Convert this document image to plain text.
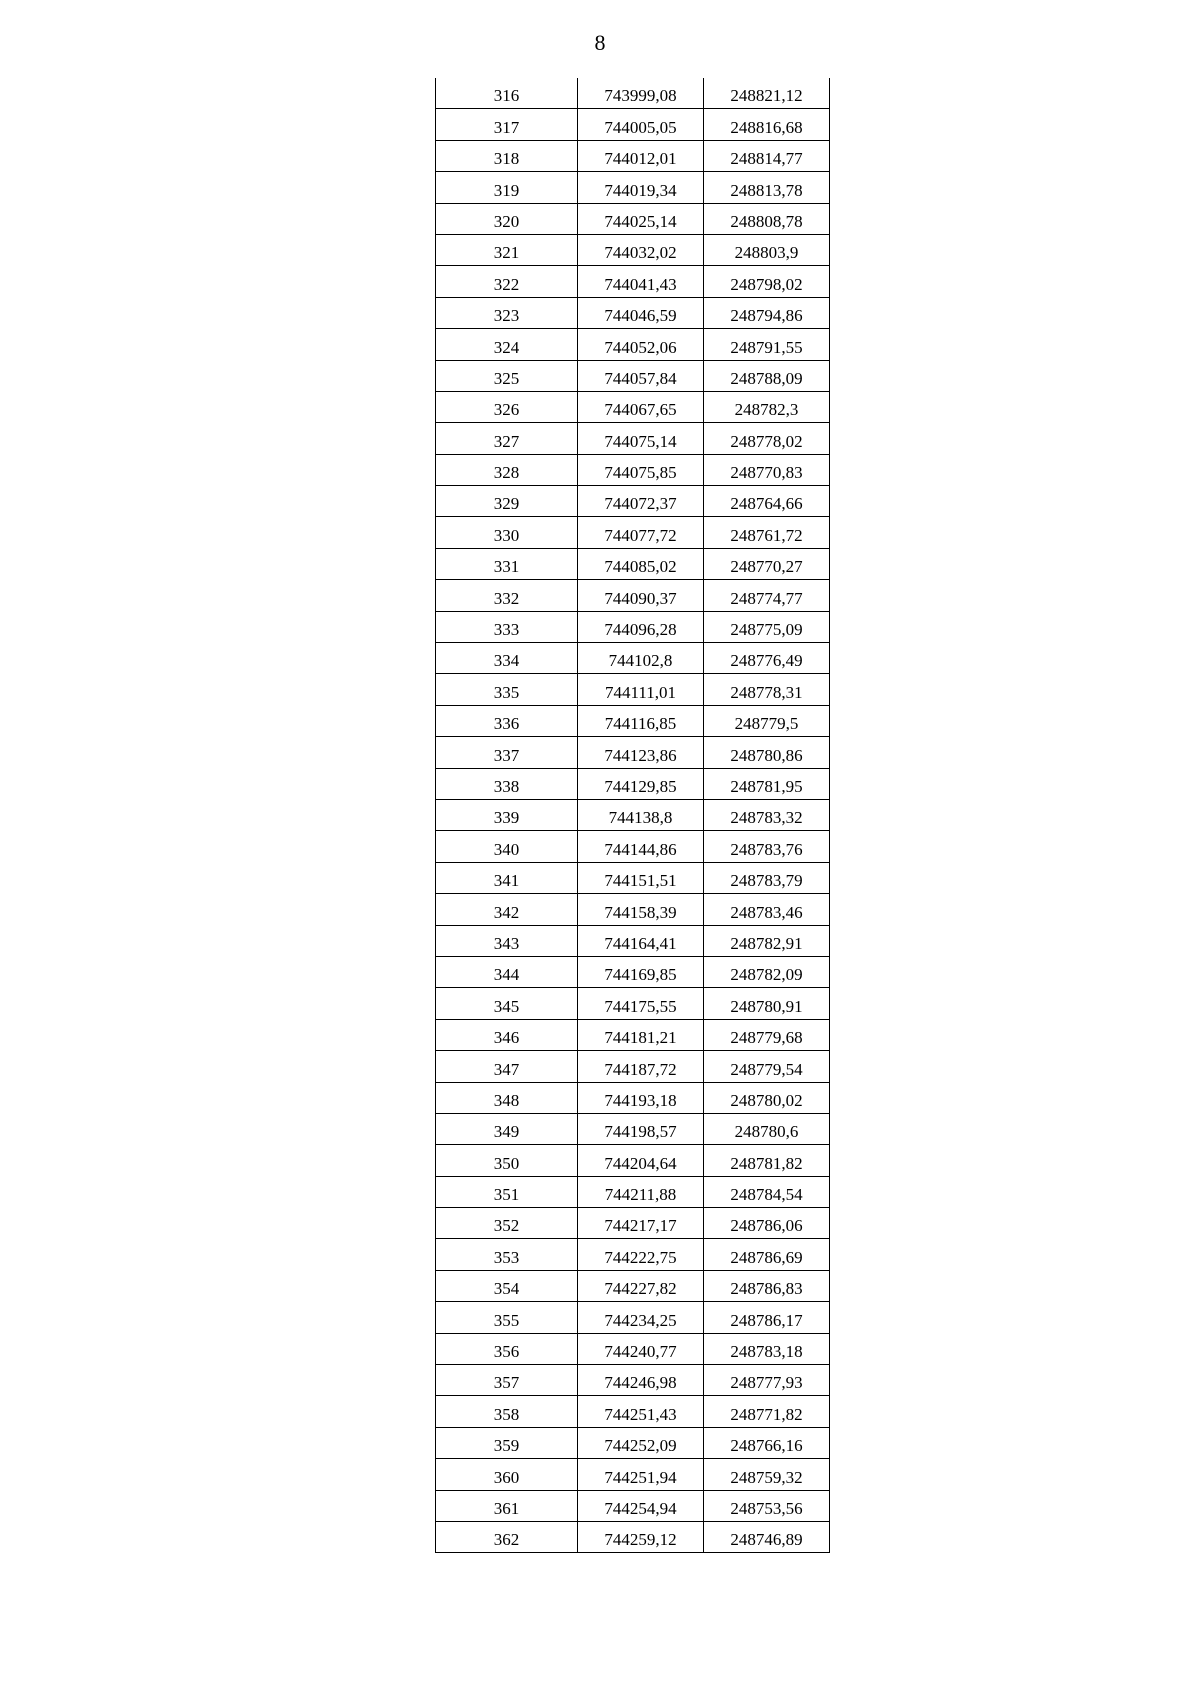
8
316	743999,08	248821,12
317	744005,05	248816,68
318	744012,01	248814,77
319	744019,34	248813,78
320	744025,14	248808,78
321	744032,02	248803,9
322	744041,43	248798,02
323	744046,59	248794,86
324	744052,06	248791,55
325	744057,84	248788,09
326	744067,65	248782,3
327	744075,14	248778,02
328	744075,85	248770,83
329	744072,37	248764,66
330	744077,72	248761,72
331	744085,02	248770,27
332	744090,37	248774,77
333	744096,28	248775,09
334	744102,8	248776,49
335	744111,01	248778,31
336	744116,85	248779,5
337	744123,86	248780,86
338	744129,85	248781,95
339	744138,8	248783,32
340	744144,86	248783,76
341	744151,51	248783,79
342	744158,39	248783,46
343	744164,41	248782,91
344	744169,85	248782,09
345	744175,55	248780,91
346	744181,21	248779,68
347	744187,72	248779,54
348	744193,18	248780,02
349	744198,57	248780,6
350	744204,64	248781,82
351	744211,88	248784,54
352	744217,17	248786,06
353	744222,75	248786,69
354	744227,82	248786,83
355	744234,25	248786,17
356	744240,77	248783,18
357	744246,98	248777,93
358	744251,43	248771,82
359	744252,09	248766,16
360	744251,94	248759,32
361	744254,94	248753,56
362	744259,12	248746,89
